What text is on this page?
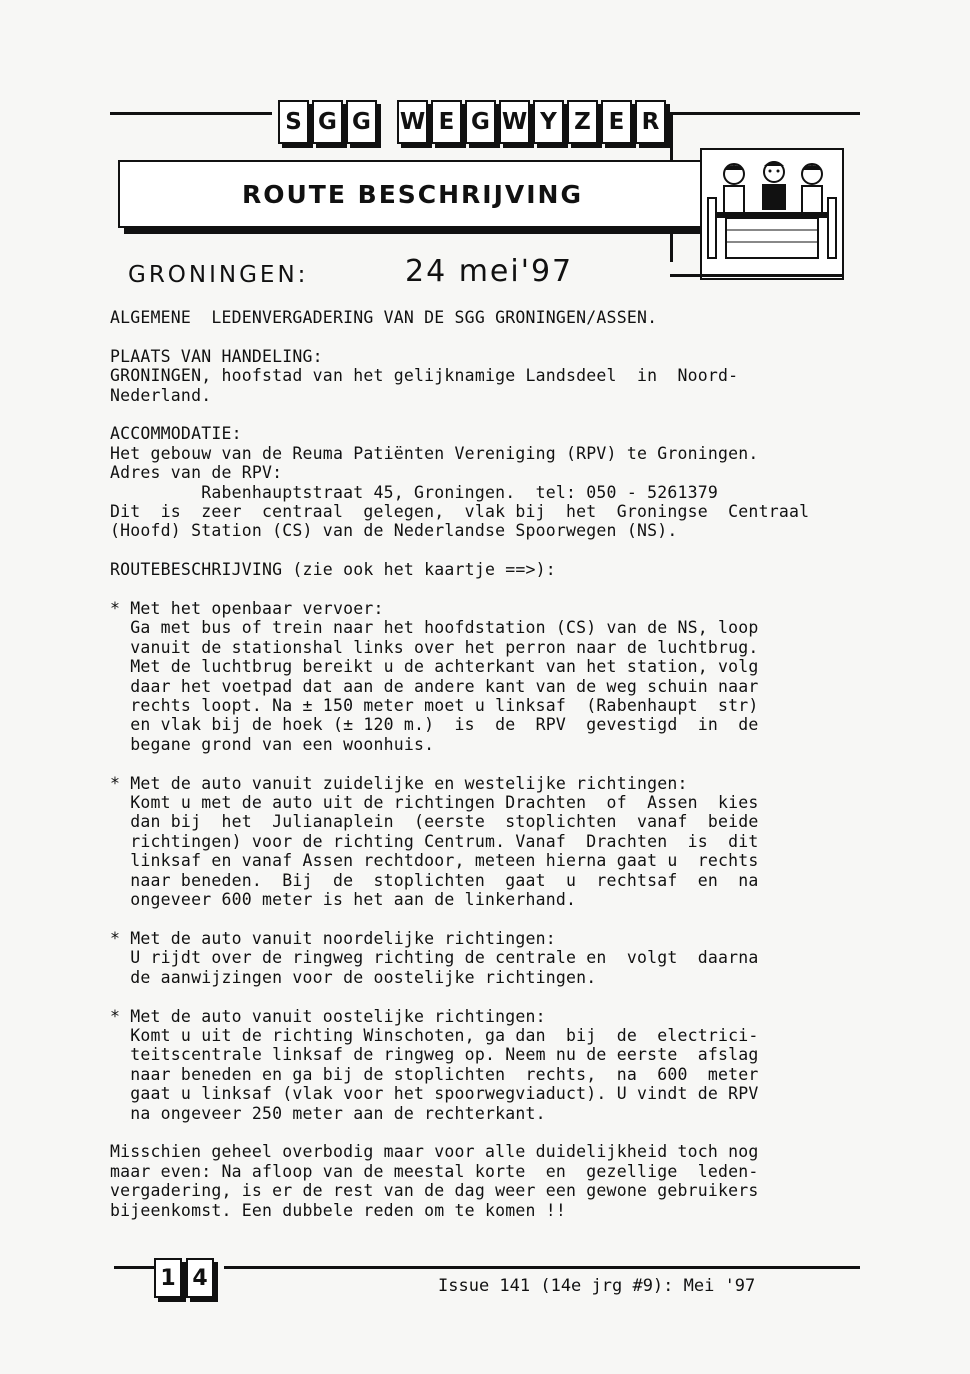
S G G W E G W Y Z E R
ROUTE BESCHRIJVING
GRONINGEN:	24 mei'97
ALGEMENE  LEDENVERGADERING VAN DE SGG GRONINGEN/ASSEN.
PLAATS VAN HANDELING:
GRONINGEN, hoofstad van het gelijknamige Landsdeel  in  Noord-
Nederland.
ACCOMMODATIE:
Het gebouw van de Reuma Patiënten Vereniging (RPV) te Groningen.
Adres van de RPV:
Rabenhauptstraat 45, Groningen.  tel: 050 - 5261379
Dit  is  zeer  centraal  gelegen,  vlak bij  het  Groningse  Centraal
(Hoofd) Station (CS) van de Nederlandse Spoorwegen (NS).
ROUTEBESCHRIJVING (zie ook het kaartje ==>):
* Met het openbaar vervoer:
Ga met bus of trein naar het hoofdstation (CS) van de NS, loop
vanuit de stationshal links over het perron naar de luchtbrug.
Met de luchtbrug bereikt u de achterkant van het station, volg
daar het voetpad dat aan de andere kant van de weg schuin naar
rechts loopt. Na ± 150 meter moet u linksaf  (Rabenhaupt  str)
en vlak bij de hoek (± 120 m.)  is  de  RPV  gevestigd  in  de
begane grond van een woonhuis.
* Met de auto vanuit zuidelijke en westelijke richtingen:
Komt u met de auto uit de richtingen Drachten  of  Assen  kies
dan bij  het  Julianaplein  (eerste  stoplichten  vanaf  beide
richtingen) voor de richting Centrum. Vanaf  Drachten  is  dit
linksaf en vanaf Assen rechtdoor, meteen hierna gaat u  rechts
naar beneden.  Bij  de  stoplichten  gaat  u  rechtsaf  en  na
ongeveer 600 meter is het aan de linkerhand.
* Met de auto vanuit noordelijke richtingen:
U rijdt over de ringweg richting de centrale en  volgt  daarna
de aanwijzingen voor de oostelijke richtingen.
* Met de auto vanuit oostelijke richtingen:
Komt u uit de richting Winschoten, ga dan  bij  de  electrici-
teitscentrale linksaf de ringweg op. Neem nu de eerste  afslag
naar beneden en ga bij de stoplichten  rechts,  na  600  meter
gaat u linksaf (vlak voor het spoorwegviaduct). U vindt de RPV
na ongeveer 250 meter aan de rechterkant.
Misschien geheel overbodig maar voor alle duidelijkheid toch nog
maar even: Na afloop van de meestal korte  en  gezellige  leden-
vergadering, is er de rest van de dag weer een gewone gebruikers
bijeenkomst. Een dubbele reden om te komen !!
1 4	Issue 141 (14e jrg #9): Mei '97
